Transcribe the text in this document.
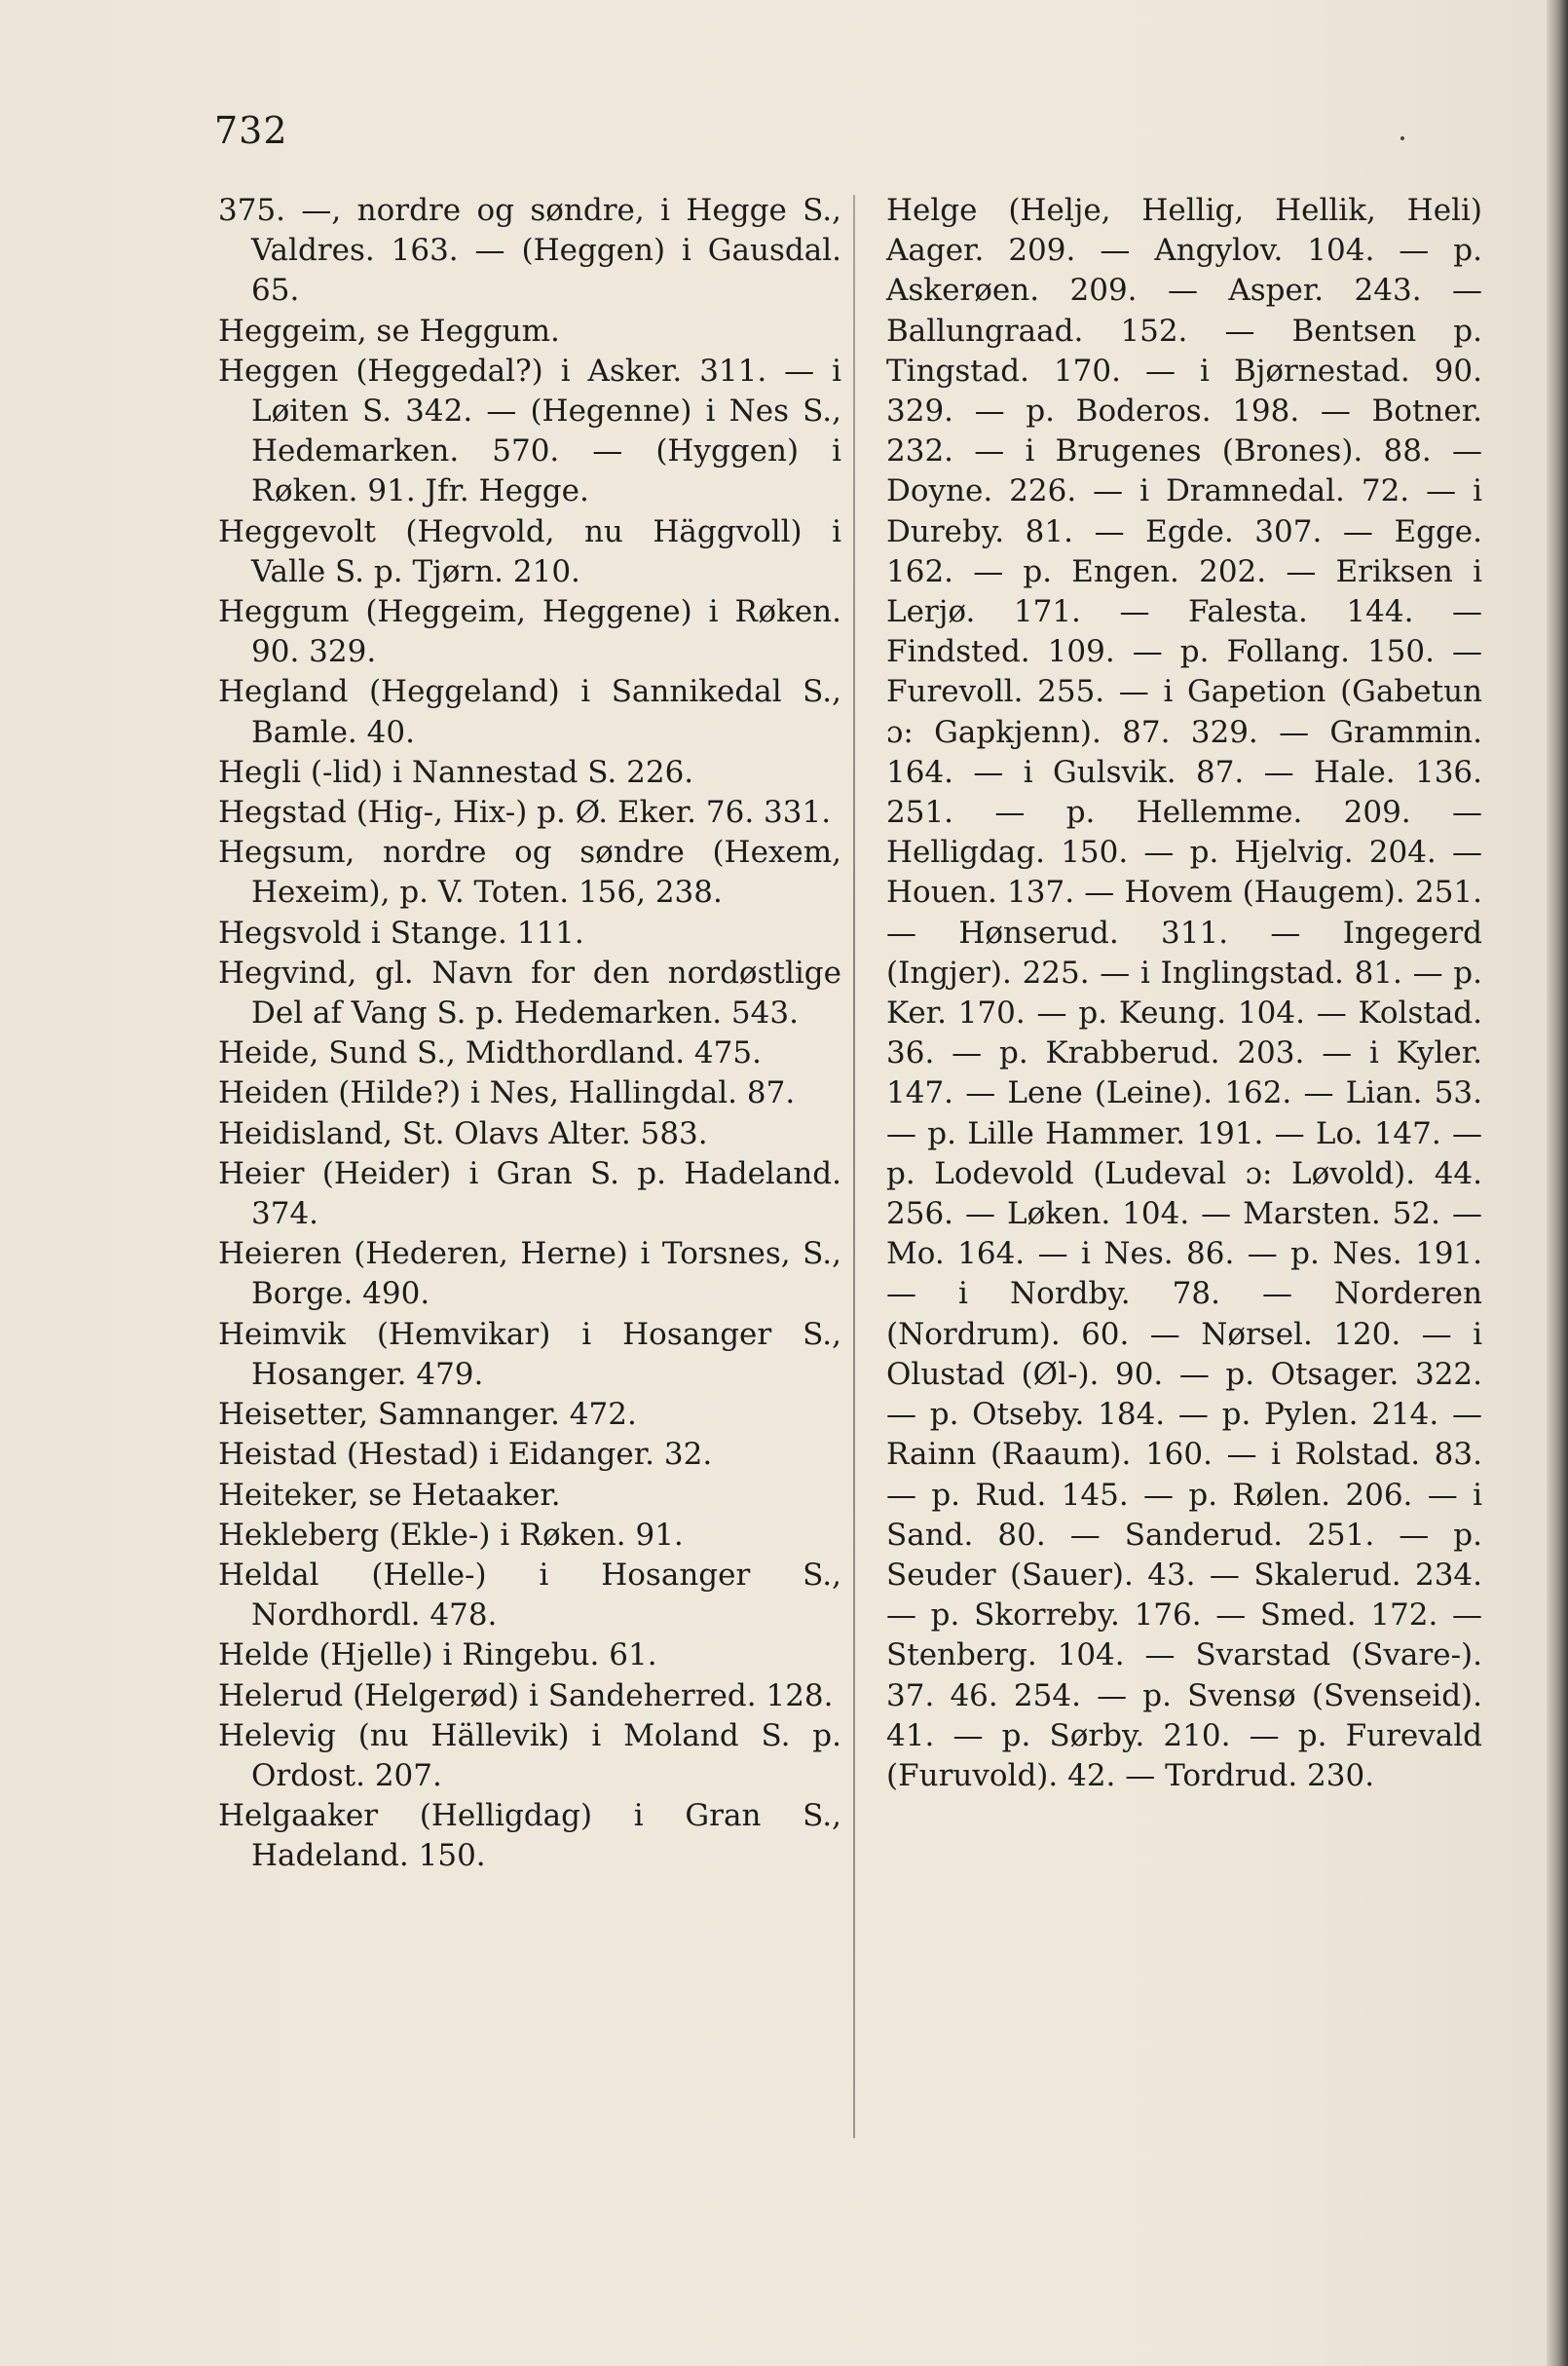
732

375. —, nordre og søndre, i Hegge S., Valdres. 163. — (Heggen) i Gausdal. 65.

Heggeim, se Heggum.

Heggen (Heggedal?) i Asker. 311. — i Løiten S. 342. — (Hegenne) i Nes S., Hedemarken. 570. — (Hyggen) i Røken. 91. Jfr. Hegge.

Heggevolt (Hegvold, nu Häggvoll) i Valle S. p. Tjørn. 210.

Heggum (Heggeim, Heggene) i Røken. 90. 329.

Hegland (Heggeland) i Sannikedal S., Bamle. 40.

Hegli (-lid) i Nannestad S. 226.

Hegstad (Hig-, Hix-) p. Ø. Eker. 76. 331.

Hegsum, nordre og søndre (Hexem, Hexeim), p. V. Toten. 156, 238.

Hegsvold i Stange. 111.

Hegvind, gl. Navn for den nordøstlige Del af Vang S. p. Hedemarken. 543.

Heide, Sund S., Midthordland. 475.

Heiden (Hilde?) i Nes, Hallingdal. 87.

Heidisland, St. Olavs Alter. 583.

Heier (Heider) i Gran S. p. Hadeland. 374.

Heieren (Hederen, Herne) i Torsnes, S., Borge. 490.

Heimvik (Hemvikar) i Hosanger S., Hosanger. 479.

Heisetter, Samnanger. 472.

Heistad (Hestad) i Eidanger. 32.

Heiteker, se Hetaaker.

Hekleberg (Ekle-) i Røken. 91.

Heldal (Helle-) i Hosanger S., Nordhordl. 478.

Helde (Hjelle) i Ringebu. 61.

Helerud (Helgerød) i Sandeherred. 128.

Helevig (nu Hällevik) i Moland S. p. Ordost. 207.

Helgaaker (Helligdag) i Gran S., Hadeland. 150.

Helge (Helje, Hellig, Hellik, Heli) Aager. 209. — Angylov. 104. — p. Askerøen. 209. — Asper. 243. — Ballungraad. 152. — Bentsen p. Tingstad. 170. — i Bjørnestad. 90. 329. — p. Boderos. 198. — Botner. 232. — i Brugenes (Brones). 88. — Doyne. 226. — i Dramnedal. 72. — i Dureby. 81. — Egde. 307. — Egge. 162. — p. Engen. 202. — Eriksen i Lerjø. 171. — Falesta. 144. — Findsted. 109. — p. Follang. 150. — Furevoll. 255. — i Gapetion (Gabetun ɔ: Gapkjenn). 87. 329. — Grammin. 164. — i Gulsvik. 87. — Hale. 136. 251. — p. Hellemme. 209. — Helligdag. 150. — p. Hjelvig. 204. — Houen. 137. — Hovem (Haugem). 251. — Hønserud. 311. — Ingegerd (Ingjer). 225. — i Inglingstad. 81. — p. Ker. 170. — p. Keung. 104. — Kolstad. 36. — p. Krabberud. 203. — i Kyler. 147. — Lene (Leine). 162. — Lian. 53. — p. Lille Hammer. 191. — Lo. 147. — p. Lodevold (Ludeval ɔ: Løvold). 44. 256. — Løken. 104. — Marsten. 52. — Mo. 164. — i Nes. 86. — p. Nes. 191. — i Nordby. 78. — Norderen (Nordrum). 60. — Nørsel. 120. — i Olustad (Øl-). 90. — p. Otsager. 322. — p. Otseby. 184. — p. Pylen. 214. — Rainn (Raaum). 160. — i Rolstad. 83. — p. Rud. 145. — p. Rølen. 206. — i Sand. 80. — Sanderud. 251. — p. Seuder (Sauer). 43. — Skalerud. 234. — p. Skorreby. 176. — Smed. 172. — Stenberg. 104. — Svarstad (Svare-). 37. 46. 254. — p. Svensø (Svenseid). 41. — p. Sørby. 210. — p. Furevald (Furuvold). 42. — Tordrud. 230.
